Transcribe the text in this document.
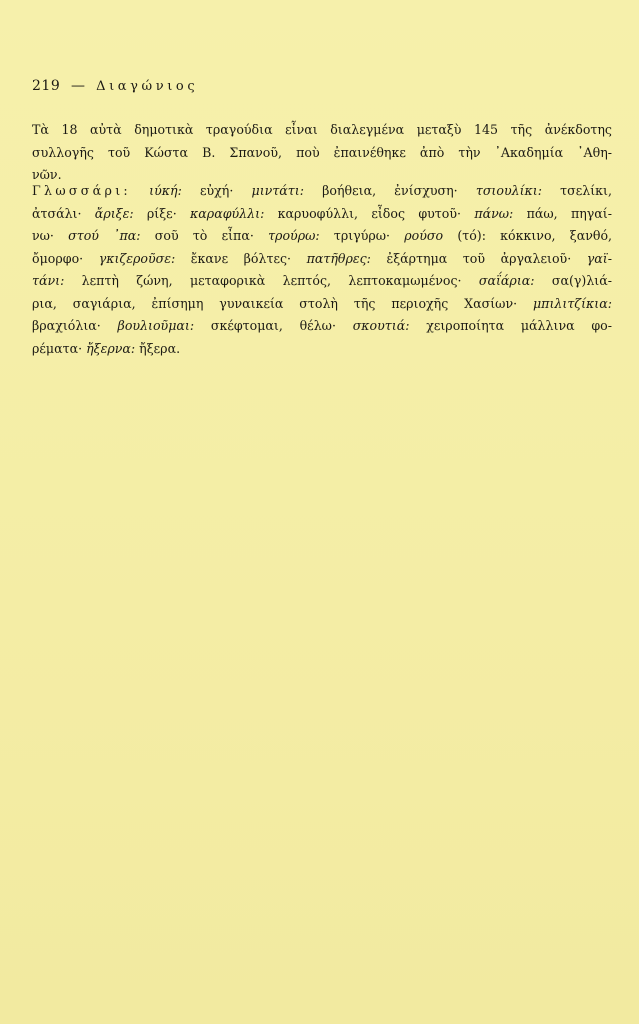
219 — Διαγώνιος
Τὰ 18 αὐτὰ δημοτικὰ τραγούδια εἶναι διαλεγμένα μεταξὺ 145 τῆς ἀνέκδοτης
συλλογῆς τοῦ Κώστα Β. Σπανοῦ, ποὺ ἐπαινέθηκε ἀπὸ τὴν ᾿Ακαδημία ᾿Αθη-
νῶν.
Γλωσσάρι: ιύκή: εὐχή· μιντάτι: βοήθεια, ἐνίσχυση· τσιουλίκι: τσελίκι,
ἀτσάλι· ἄριξε: ρίξε· καραφύλλι: καρυοφύλλι, εἶδος φυτοῦ· πάνω: πάω, πηγαί-
νω· στού ᾿πα: σοῦ τὸ εἶπα· τρούρω: τριγύρω· ρούσο (τό): κόκκινο, ξανθό,
ὄμορφο· γκιζεροῦσε: ἔκανε βόλτες· πατῆθρες: ἐξάρτημα τοῦ ἀργαλειοῦ· γαϊ-
τάνι: λεπτὴ ζώνη, μεταφορικὰ λεπτός, λεπτοκαμωμένος· σαΐάρια: σα(γ)λιά-
ρια, σαγιάρια, ἐπίσημη γυναικεία στολὴ τῆς περιοχῆς Χασίων· μπιλιτζίκια:
βραχιόλια· βουλιοῦμαι: σκέφτομαι, θέλω· σκουτιά: χειροποίητα μάλλινα φο-
ρέματα· ἤξερνα: ἤξερα.
